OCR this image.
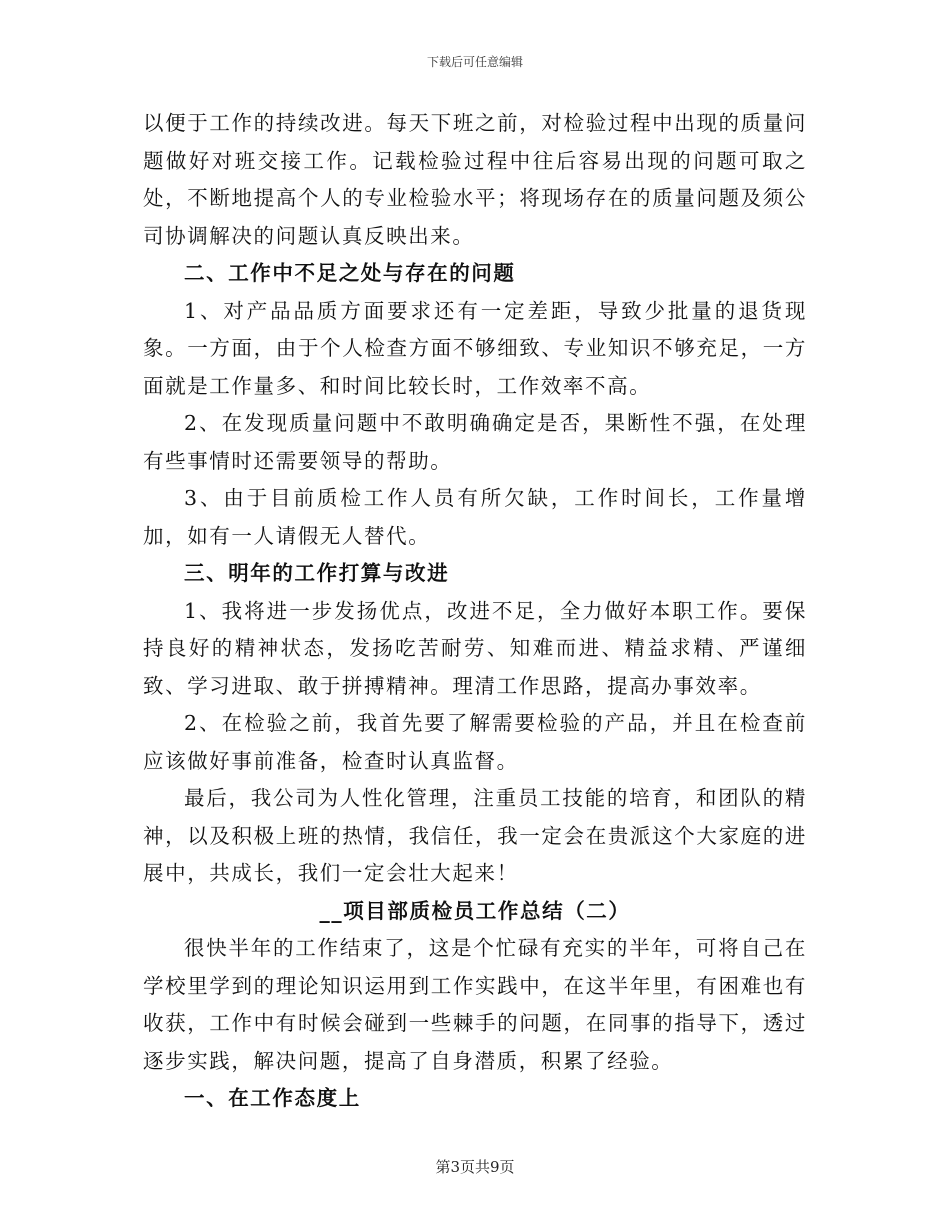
下载后可任意编辑

以便于工作的持续改进。每天下班之前，对检验过程中出现的质量问题做好对班交接工作。记载检验过程中往后容易出现的问题可取之处，不断地提高个人的专业检验水平；将现场存在的质量问题及须公司协调解决的问题认真反映出来。

二、工作中不足之处与存在的问题

1、对产品品质方面要求还有一定差距，导致少批量的退货现象。一方面，由于个人检查方面不够细致、专业知识不够充足，一方面就是工作量多、和时间比较长时，工作效率不高。

2、在发现质量问题中不敢明确确定是否，果断性不强，在处理有些事情时还需要领导的帮助。

3、由于目前质检工作人员有所欠缺，工作时间长，工作量增加，如有一人请假无人替代。

三、明年的工作打算与改进

1、我将进一步发扬优点，改进不足，全力做好本职工作。要保持良好的精神状态，发扬吃苦耐劳、知难而进、精益求精、严谨细致、学习进取、敢于拼搏精神。理清工作思路，提高办事效率。

2、在检验之前，我首先要了解需要检验的产品，并且在检查前应该做好事前准备，检查时认真监督。

最后，我公司为人性化管理，注重员工技能的培育，和团队的精神，以及积极上班的热情，我信任，我一定会在贵派这个大家庭的进展中，共成长，我们一定会壮大起来！

__项目部质检员工作总结（二）

很快半年的工作结束了，这是个忙碌有充实的半年，可将自己在学校里学到的理论知识运用到工作实践中，在这半年里，有困难也有收获，工作中有时候会碰到一些棘手的问题，在同事的指导下，透过逐步实践，解决问题，提高了自身潜质，积累了经验。

一、在工作态度上

第3页共9页
